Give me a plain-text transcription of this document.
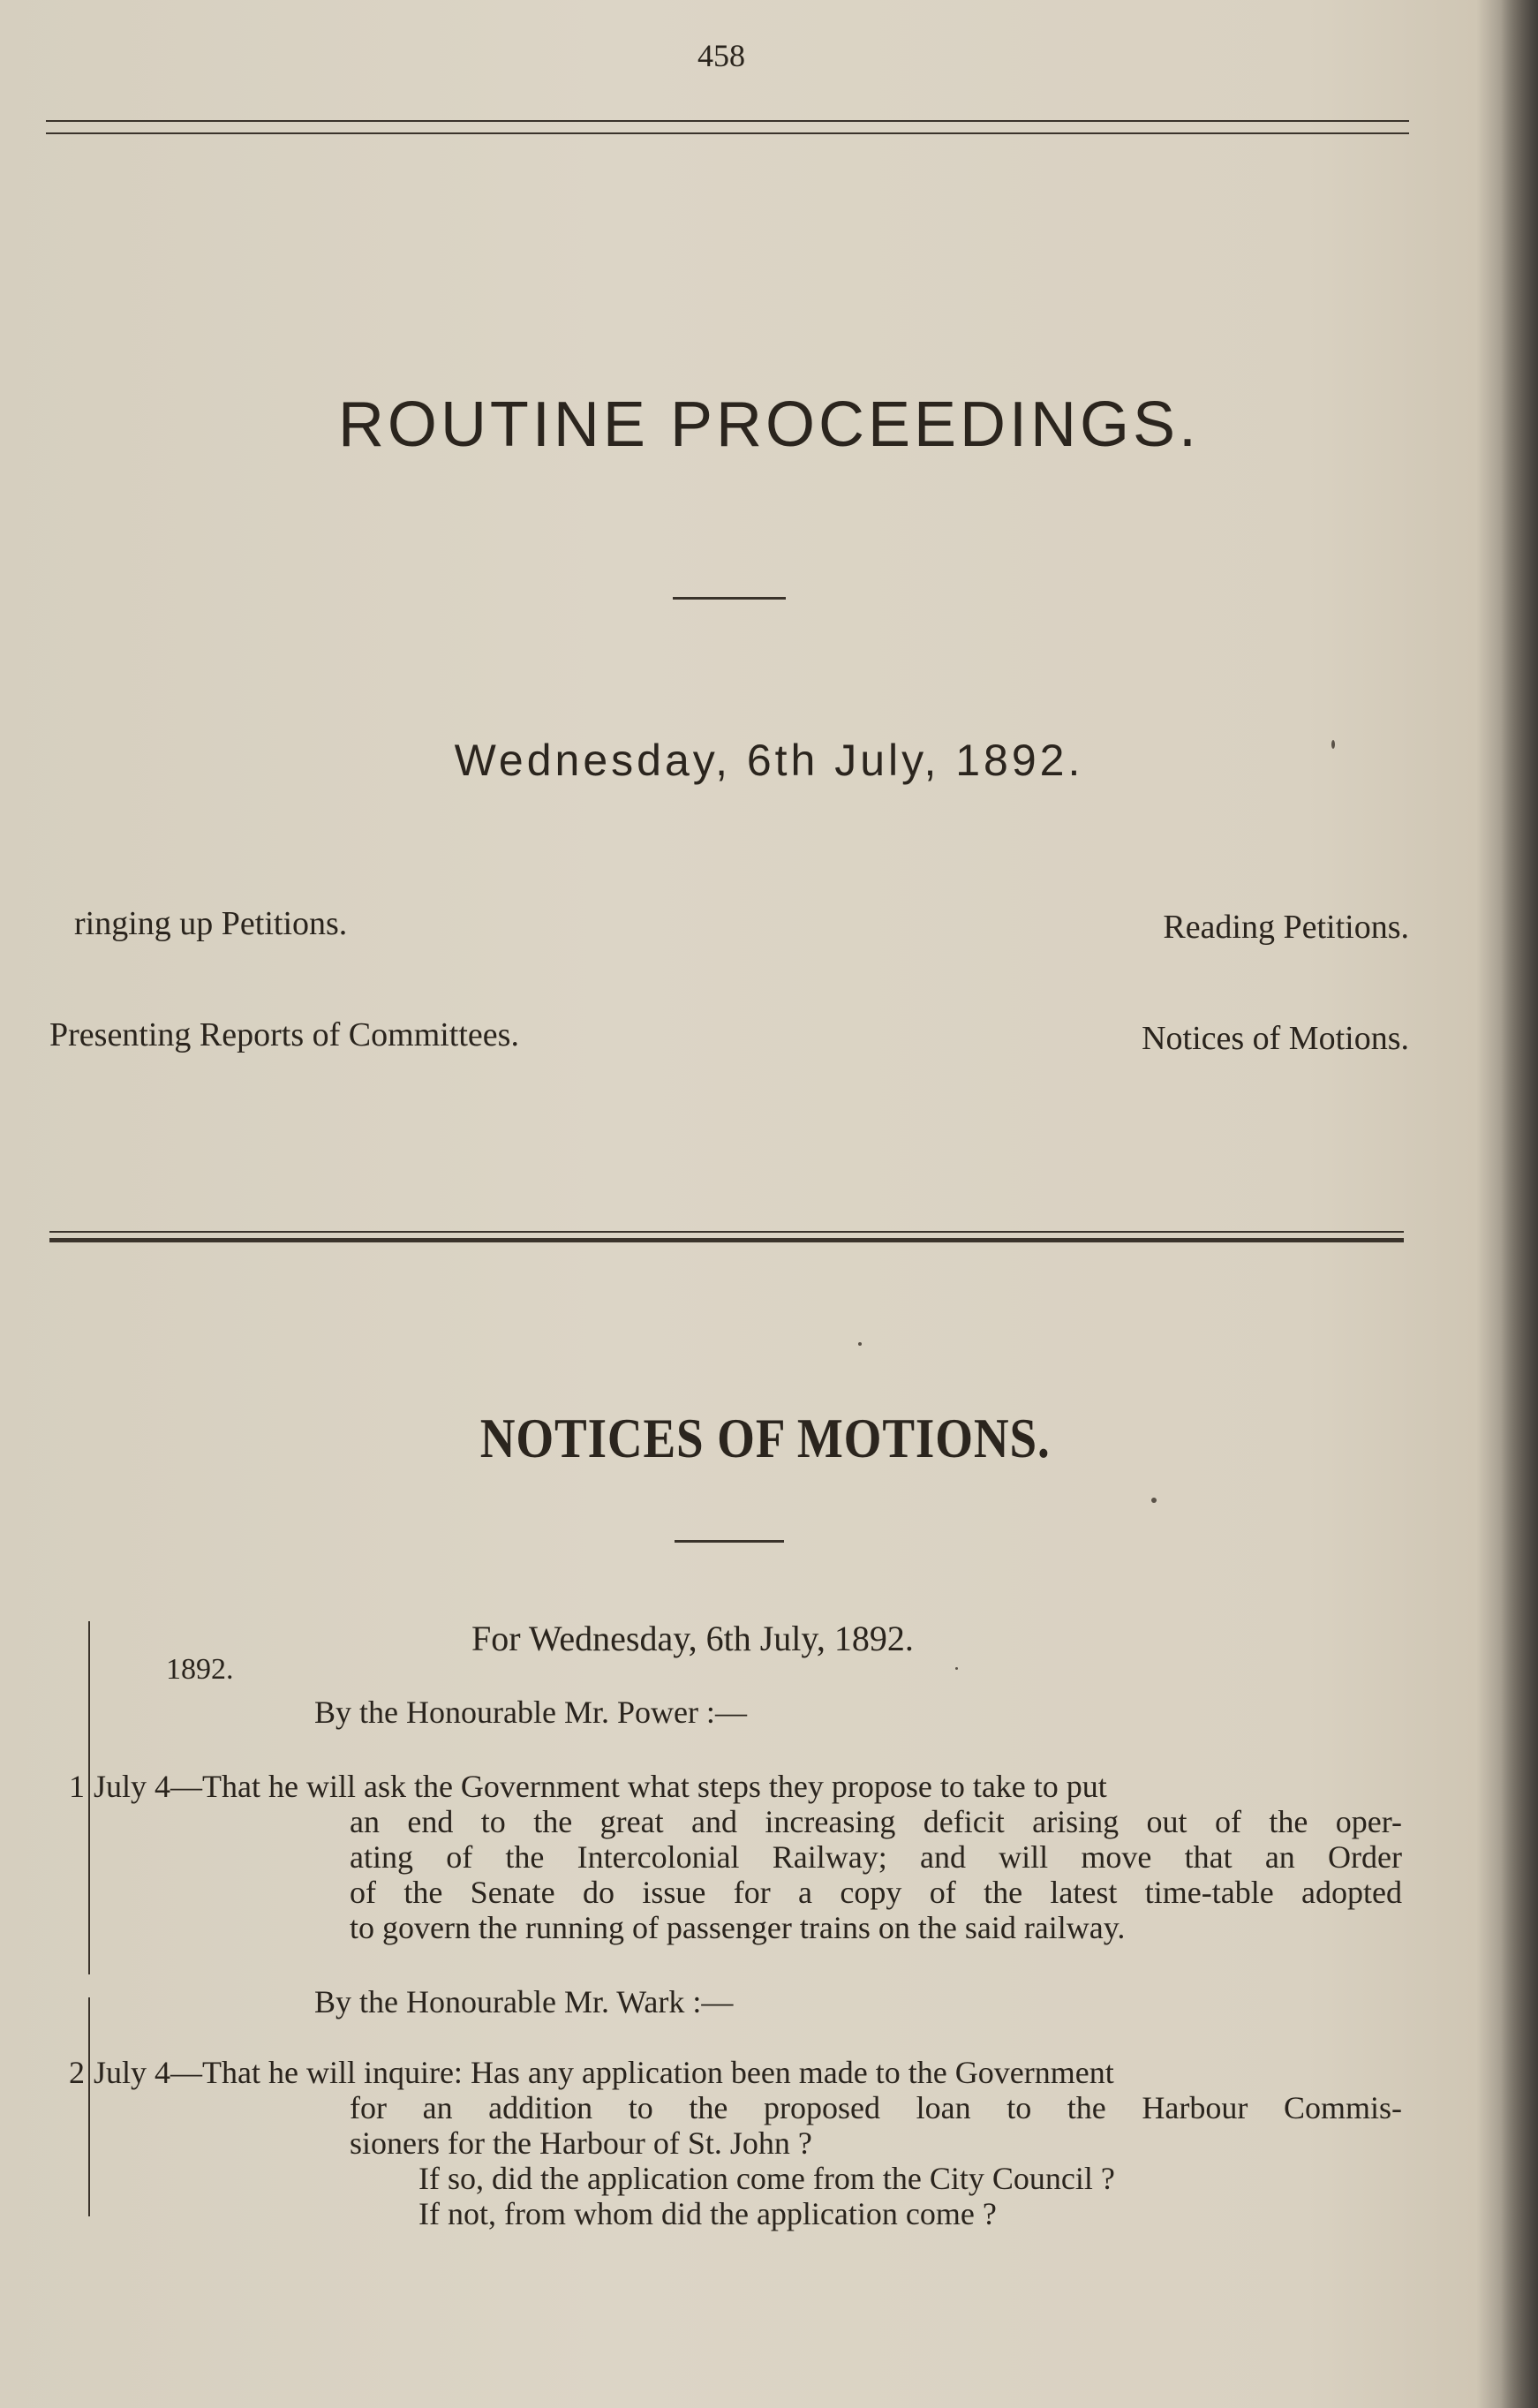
458
ROUTINE PROCEEDINGS.
Wednesday, 6th July, 1892.
ringing up Petitions.	Reading Petitions.
Presenting Reports of Committees.	Notices of Motions.
NOTICES OF MOTIONS.
For Wednesday, 6th July, 1892.
1892.
By the Honourable Mr. Power :—
1 July 4—That he will ask the Government what steps they propose to take to put
an end to the great and increasing deficit arising out of the oper-
ating of the Intercolonial Railway; and will move that an Order
of the Senate do issue for a copy of the latest time-table adopted
to govern the running of passenger trains on the said railway.
By the Honourable Mr. Wark :—
2 July 4—That he will inquire: Has any application been made to the Government
for an addition to the proposed loan to the Harbour Commis-
sioners for the Harbour of St. John ?
If so, did the application come from the City Council ?
If not, from whom did the application come ?
